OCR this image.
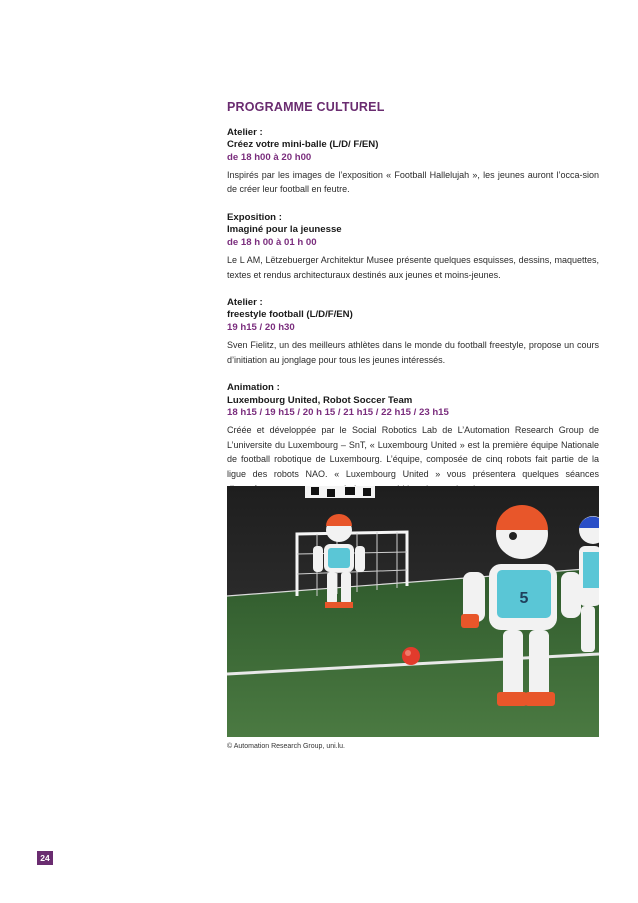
PROGRAMME CULTUREL
Atelier :
Créez votre mini-balle (L/D/ F/EN)
de 18 h00 à 20 h00
Inspirés par les images de l’exposition « Football Hallelujah », les jeunes auront l’occa-sion de créer leur football en feutre.
Exposition :
Imaginé pour la jeunesse
de 18 h 00 à 01 h 00
Le L AM, Lëtzebuerger Architektur Musee présente quelques esquisses, dessins, maquettes, textes et rendus architecturaux destinés aux jeunes et moins-jeunes.
Atelier :
freestyle football (L/D/F/EN)
19 h15 / 20 h30
Sven Fielitz, un des meilleurs athlètes dans le monde du football freestyle, propose un cours d’initiation au jonglage pour tous les jeunes intéressés.
Animation :
Luxembourg United, Robot Soccer Team
18 h15 / 19 h15 / 20 h 15 / 21 h15 / 22 h15 / 23 h15
Créée et développée par le Social Robotics Lab de L’Automation Research Group de L’universite du Luxembourg – SnT, « Luxembourg United » est la première équipe Nationale de football robotique de Luxembourg. L’équipe, composée de cinq robots fait partie de la ligue des robots NAO. « Luxembourg United » vous présentera quelques séances
5
© Automation Research Group, uni.lu.
24
